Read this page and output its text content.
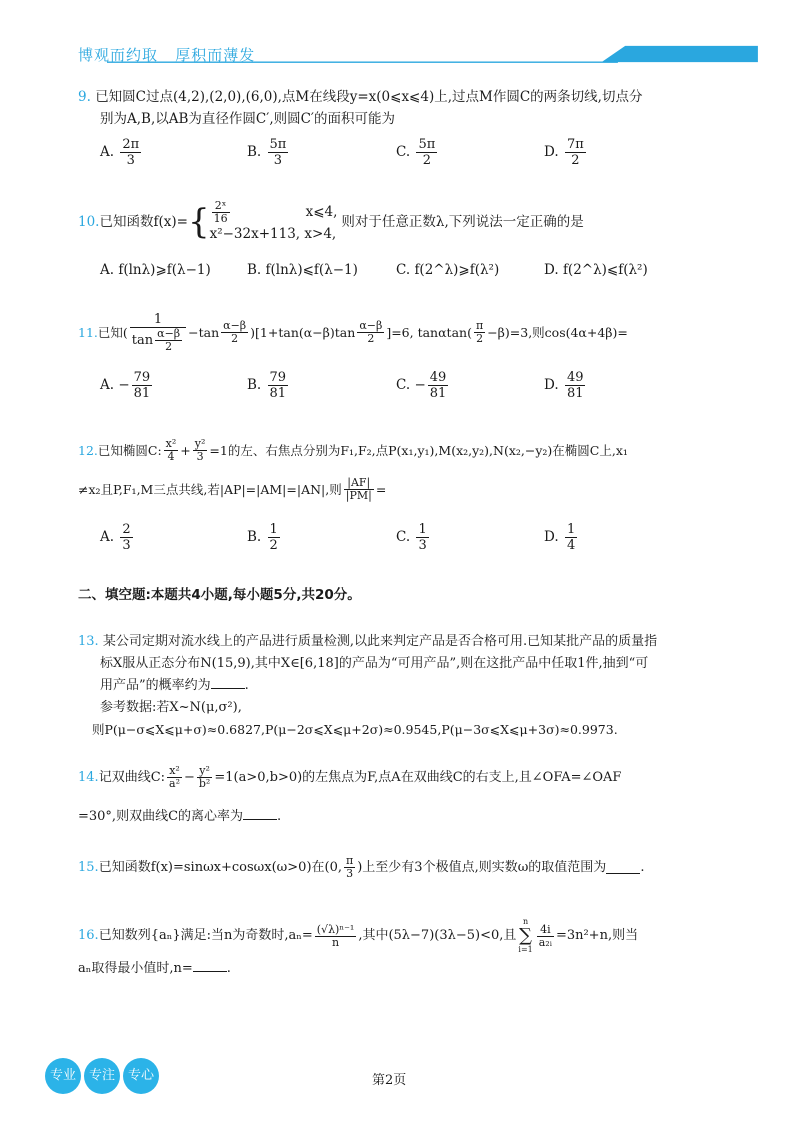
博观而约取   厚积而薄发
9. 已知圆C过点(4,2),(2,0),(6,0),点M在线段y=x(0⩽x⩽4)上,过点M作圆C的两条切线,切点分
别为A,B,以AB为直径作圆C′,则圆C′的面积可能为
A. $\frac{2\pi}{3}$	B. $\frac{5\pi}{3}$	C. $\frac{5\pi}{2}$	D. $\frac{7\pi}{2}$
10. 已知函数f(x)= { $\frac{\text{2ˣ}}{16}$	x⩽4,
x²−32x+113, x>4,
则对于任意正数λ,下列说法一定正确的是
A. f(lnλ)⩾f(λ−1)	B. f(lnλ)⩽f(λ−1)	C. f(2^λ)⩾f(λ²)	D. f(2^λ)⩽f(λ²)
11. 已知( $\frac{1}{\tan \frac{\alpha-\beta}{2}} -\tan \frac{\alpha-\beta}{2} )[1+\tan(\alpha-\beta)\tan \frac{\alpha-\beta}{2} ]=6$, $\tan\alpha\tan( \frac{\pi}{2} -\beta)=3$,则cos(4α+4β)=
A. − $\frac{79}{81}$	B. $\frac{79}{81}$	C. − $\frac{49}{81}$	D. $\frac{49}{81}$
12. 已知椭圆C: $\frac{\text{x²}}{4} + \frac{\text{y²}}{3} =1$的左、右焦点分别为F₁,F₂,点P(x₁,y₁),M(x₂,y₂),N(x₂,−y₂)在椭圆C上,x₁
≠x₂且P,F₁,M三点共线,若|AP|=|AM|=|AN|,则 $\frac{|AF|}{|PM|}$ =
A. $\frac{2}{3}$	B. $\frac{1}{2}$	C. $\frac{1}{3}$	D. $\frac{1}{4}$
二、填空题:本题共4小题,每小题5分,共20分。
13. 某公司定期对流水线上的产品进行质量检测,以此来判定产品是否合格可用.已知某批产品的质量指
标X服从正态分布N(15,9),其中X∈[6,18]的产品为“可用产品”,则在这批产品中任取1件,抽到“可
用产品”的概率约为	.
参考数据:若X~N(μ,σ²),
则P(μ−σ⩽X⩽μ+σ)≈0.6827,P(μ−2σ⩽X⩽μ+2σ)≈0.9545,P(μ−3σ⩽X⩽μ+3σ)≈0.9973.
14. 记双曲线C: $\frac{\text{x²}}{\text{a²}} - \frac{\text{y²}}{\text{b²}} =1(a>0,b>0)$的左焦点为F,点A在双曲线C的右支上,且∠OFA=∠OAF
=30°,则双曲线C的离心率为	.
15. 已知函数f(x)=sinωx+cosωx(ω>0)在(0, $\frac{\pi}{3}$ )上至少有3个极值点,则实数ω的取值范围为	.
16. 已知数列{aₙ}满足:当n为奇数时$,a_n= \frac{\text{(√λ)ⁿ⁻¹}}{n}$ ,其中(5λ−7)(3λ−5)<0,且
n
∑
i=1
$\frac{4i}{\text{a₂ᵢ}} =3n^2+n$,则当
aₙ取得最小值时,n=	.
专业 专注 专心	第2页
